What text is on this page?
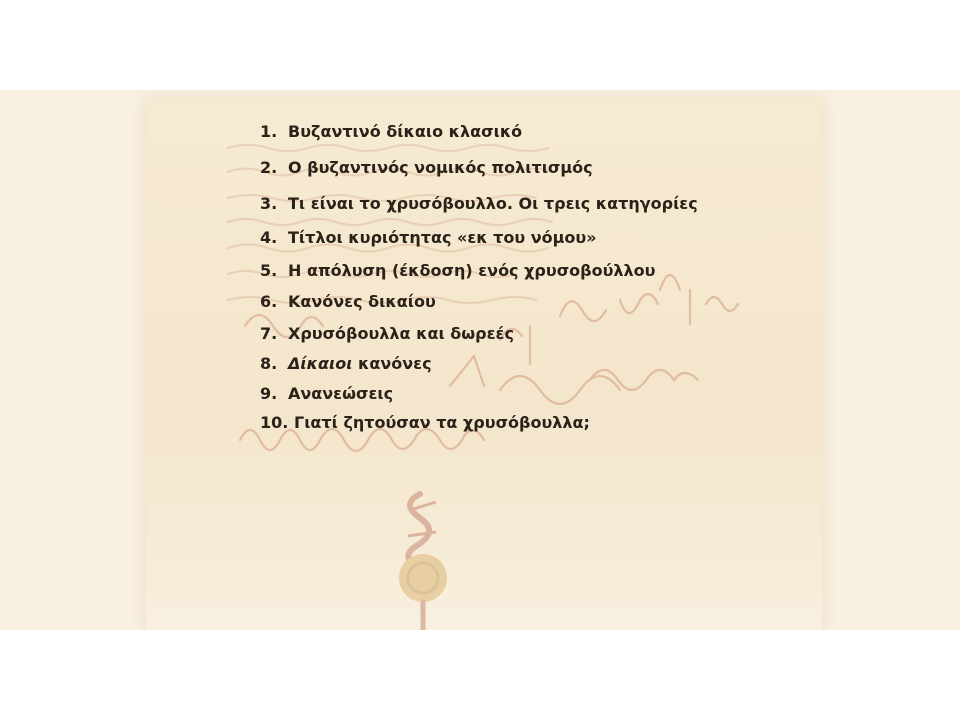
1. Βυζαντινό δίκαιο κλασικό
2. Ο βυζαντινός νομικός πολιτισμός
3. Τι είναι το χρυσόβουλλο. Οι τρεις κατηγορίες
4. Τίτλοι κυριότητας «εκ του νόμου»
5. Η απόλυση (έκδοση) ενός χρυσοβούλλου
6. Κανόνες δικαίου
7. Χρυσόβουλλα και δωρεές
8. Δίκαιοι κανόνες
9. Ανανεώσεις
10. Γιατί ζητούσαν τα χρυσόβουλλα;
